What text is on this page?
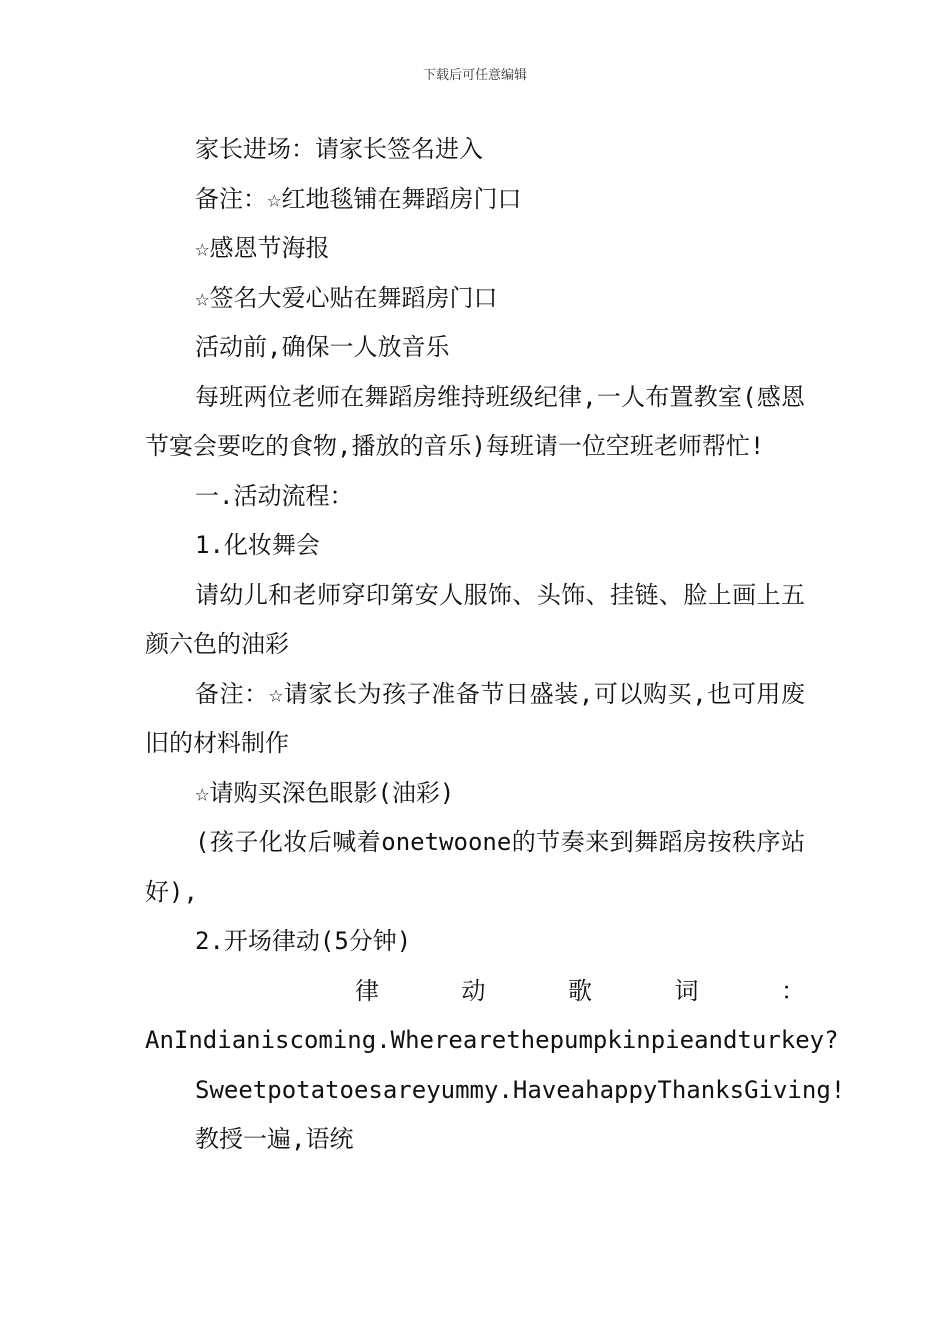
下载后可任意编辑

家长进场：请家长签名进入

备注：☆红地毯铺在舞蹈房门口

☆感恩节海报

☆签名大爱心贴在舞蹈房门口

活动前,确保一人放音乐

每班两位老师在舞蹈房维持班级纪律,一人布置教室(感恩节宴会要吃的食物,播放的音乐)每班请一位空班老师帮忙!

一.活动流程：

1.化妆舞会

请幼儿和老师穿印第安人服饰、头饰、挂链、脸上画上五颜六色的油彩

备注：☆请家长为孩子准备节日盛装,可以购买,也可用废旧的材料制作

☆请购买深色眼影(油彩)

(孩子化妆后喊着onetwoone的节奏来到舞蹈房按秩序站好),

2.开场律动(5分钟)

律	动	歌	词	：
AnIndianiscoming.Wherearethepumpkinpieandturkey?
Sweetpotatoesareyummy.HaveahappyThanksGiving!

教授一遍,语统
